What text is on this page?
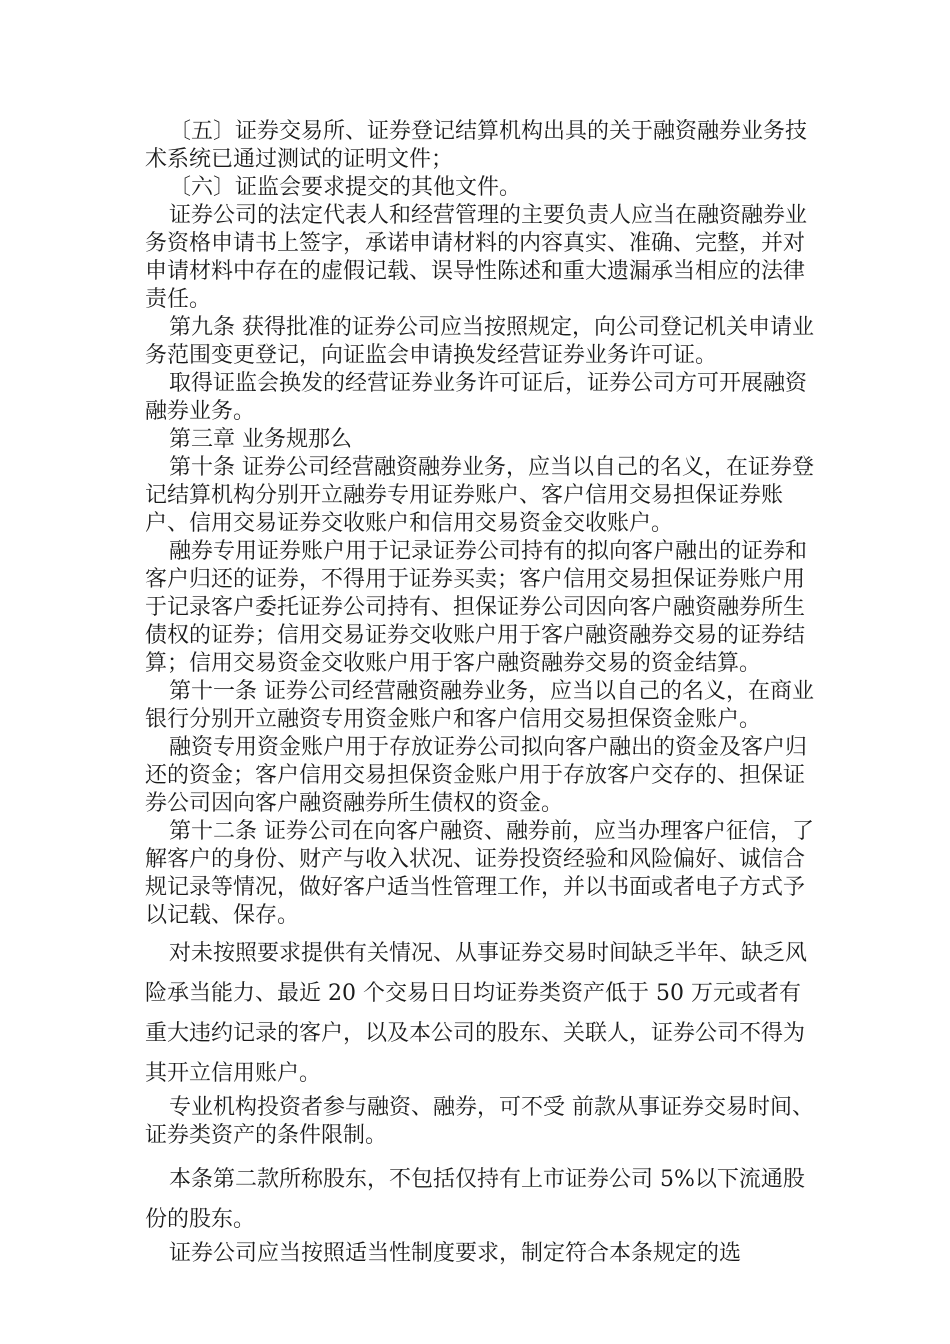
〔五〕证券交易所、证券登记结算机构出具的关于融资融券业务技术系统已通过测试的证明文件；

〔六〕证监会要求提交的其他文件。

证券公司的法定代表人和经营管理的主要负责人应当在融资融券业务资格申请书上签字，承诺申请材料的内容真实、准确、完整，并对申请材料中存在的虚假记载、误导性陈述和重大遗漏承当相应的法律责任。

第九条 获得批准的证券公司应当按照规定，向公司登记机关申请业务范围变更登记，向证监会申请换发经营证券业务许可证。

取得证监会换发的经营证券业务许可证后，证券公司方可开展融资融券业务。

第三章 业务规那么

第十条 证券公司经营融资融券业务，应当以自己的名义，在证券登记结算机构分别开立融券专用证券账户、客户信用交易担保证券账户、信用交易证券交收账户和信用交易资金交收账户。

融券专用证券账户用于记录证券公司持有的拟向客户融出的证券和客户归还的证券，不得用于证券买卖；客户信用交易担保证券账户用于记录客户委托证券公司持有、担保证券公司因向客户融资融券所生债权的证券；信用交易证券交收账户用于客户融资融券交易的证券结算；信用交易资金交收账户用于客户融资融券交易的资金结算。

第十一条 证券公司经营融资融券业务，应当以自己的名义，在商业银行分别开立融资专用资金账户和客户信用交易担保资金账户。

融资专用资金账户用于存放证券公司拟向客户融出的资金及客户归还的资金；客户信用交易担保资金账户用于存放客户交存的、担保证券公司因向客户融资融券所生债权的资金。

第十二条 证券公司在向客户融资、融券前，应当办理客户征信，了解客户的身份、财产与收入状况、证券投资经验和风险偏好、诚信合规记录等情况，做好客户适当性管理工作，并以书面或者电子方式予以记载、保存。

对未按照要求提供有关情况、从事证券交易时间缺乏半年、缺乏风险承当能力、最近 20 个交易日日均证券类资产低于 50 万元或者有重大违约记录的客户，以及本公司的股东、关联人，证券公司不得为其开立信用账户。

专业机构投资者参与融资、融券，可不受 前款从事证券交易时间、证券类资产的条件限制。

本条第二款所称股东，不包括仅持有上市证券公司 5%以下流通股份的股东。

证券公司应当按照适当性制度要求，制定符合本条规定的选
